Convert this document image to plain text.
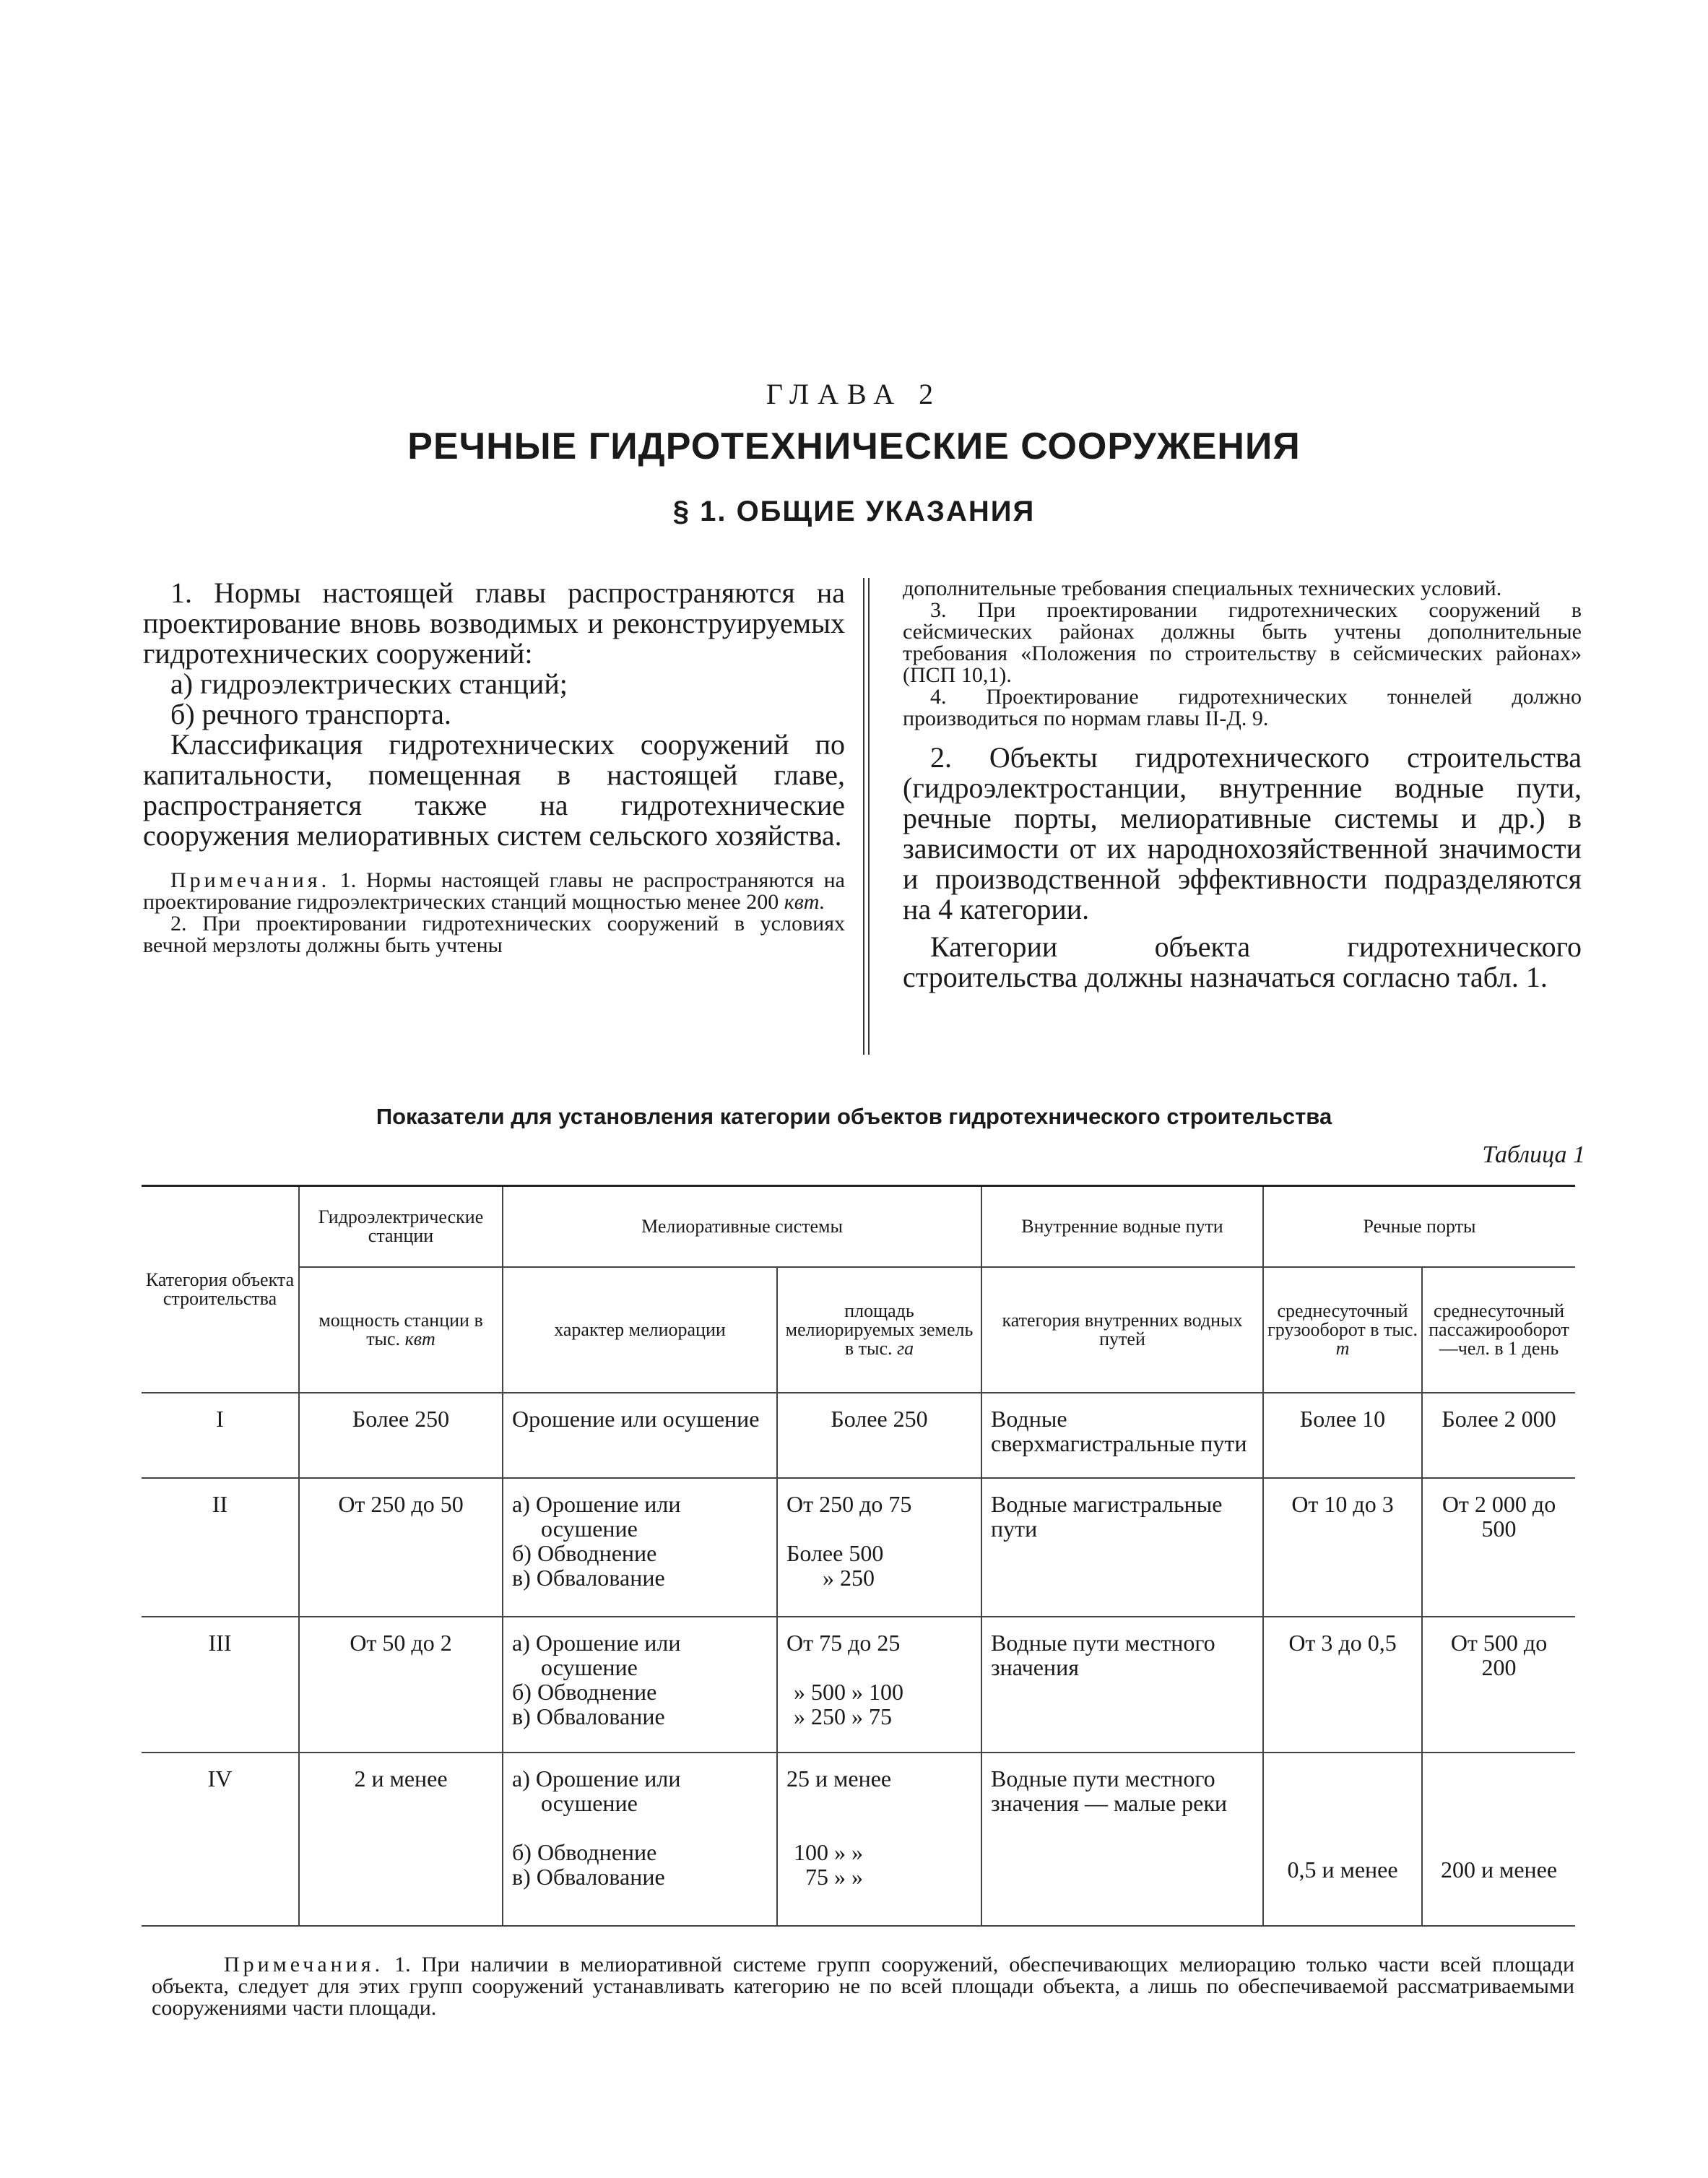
ГЛАВА 2
РЕЧНЫЕ ГИДРОТЕХНИЧЕСКИЕ СООРУЖЕНИЯ
§ 1. ОБЩИЕ УКАЗАНИЯ

1. Нормы настоящей главы распространяются на проектирование вновь возводимых и реконструируемых гидротехнических сооружений:

а) гидроэлектрических станций;

б) речного транспорта.

Классификация гидротехнических сооружений по капитальности, помещенная в настоящей главе, распространяется также на гидротехнические сооружения мелиоративных систем сельского хозяйства.

Примечания. 1. Нормы настоящей главы не распространяются на проектирование гидроэлектрических станций мощностью менее 200 квт.

2. При проектировании гидротехнических сооружений в условиях вечной мерзлоты должны быть учтены

дополнительные требования специальных технических условий.

3. При проектировании гидротехнических сооружений в сейсмических районах должны быть учтены дополнительные требования «Положения по строительству в сейсмических районах» (ПСП 10,1).

4. Проектирование гидротехнических тоннелей должно производиться по нормам главы II-Д. 9.

2. Объекты гидротехнического строительства (гидроэлектростанции, внутренние водные пути, речные порты, мелиоративные системы и др.) в зависимости от их народнохозяйственной значимости и производственной эффективности подразделяются на 4 категории.

Категории объекта гидротехнического строительства должны назначаться согласно табл. 1.

Показатели для установления категории объектов гидротехнического строительства
Таблица 1
Категория объекта строительства	Гидроэлектрические станции	Мелиоративные системы		Внутренние водные пути	Речные порты	
	мощность станции в тыс. квт	характер мелиорации	площадь мелиорируемых земель в тыс. га	категория внутренних водных путей	среднесуточный грузооборот в тыс. т	среднесуточный пассажирооборот—чел. в 1 день
I	Более 250	Орошение или осушение	Более 250	Водные сверхмагистральные пути	Более 10	Более 2 000
II	От 250 до 50	а) Орошение или
осушение
б) Обводнение
в) Обвалование	От 250 до 75
Более 500
» 250	Водные магистральные пути	От 10 до 3	От 2 000 до 500
III	От 50 до 2	а) Орошение или
осушение
б) Обводнение
в) Обвалование	От 75 до 25
» 500 » 100
» 250 » 75	Водные пути местного значения	От 3 до 0,5	От 500 до 200
IV	2 и менее	а) Орошение или
осушение
б) Обводнение
в) Обвалование	25 и менее
100 » »
75 » »	Водные пути местного значения — малые реки	0,5 и менее	200 и менее
Примечания. 1. При наличии в мелиоративной системе групп сооружений, обеспечивающих мелиорацию только части всей площади объекта, следует для этих групп сооружений устанавливать категорию не по всей площади объекта, а лишь по обеспечиваемой рассматриваемыми сооружениями части площади.
